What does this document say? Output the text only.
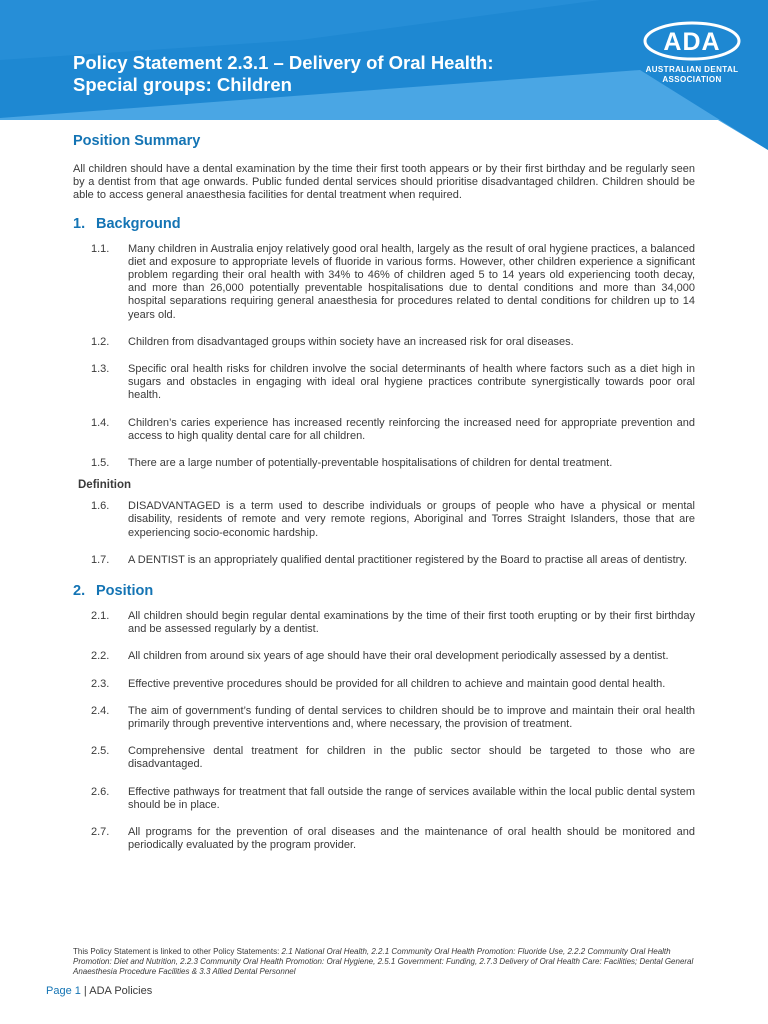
Policy Statement 2.3.1 – Delivery of Oral Health:
Special groups: Children
ADA
AUSTRALIAN DENTAL
ASSOCIATION
Position Summary

All children should have a dental examination by the time their first tooth appears or by their first birthday and be regularly seen by a dentist from that age onwards. Public funded dental services should prioritise disadvantaged children. Children should be able to access general anaesthesia facilities for dental treatment when required.

1. Background
1.1.	Many children in Australia enjoy relatively good oral health, largely as the result of oral hygiene practices, a balanced diet and exposure to appropriate levels of fluoride in various forms. However, other children experience a significant problem regarding their oral health with 34% to 46% of children aged 5 to 14 years old experiencing tooth decay, and more than 26,000 potentially preventable hospitalisations due to dental conditions and more than 34,000 hospital separations requiring general anaesthesia for procedures related to dental conditions for children up to 14 years old.
1.2.	Children from disadvantaged groups within society have an increased risk for oral diseases.
1.3.	Specific oral health risks for children involve the social determinants of health where factors such as a diet high in sugars and obstacles in engaging with ideal oral hygiene practices contribute synergistically towards poor oral health.
1.4.	Children’s caries experience has increased recently reinforcing the increased need for appropriate prevention and access to high quality dental care for all children.
1.5.	There are a large number of potentially-preventable hospitalisations of children for dental treatment.
Definition
1.6.	DISADVANTAGED is a term used to describe individuals or groups of people who have a physical or mental disability, residents of remote and very remote regions, Aboriginal and Torres Straight Islanders, those that are experiencing socio-economic hardship.
1.7.	A DENTIST is an appropriately qualified dental practitioner registered by the Board to practise all areas of dentistry.
2. Position
2.1.	All children should begin regular dental examinations by the time of their first tooth erupting or by their first birthday and be assessed regularly by a dentist.
2.2.	All children from around six years of age should have their oral development periodically assessed by a dentist.
2.3.	Effective preventive procedures should be provided for all children to achieve and maintain good dental health.
2.4.	The aim of government’s funding of dental services to children should be to improve and maintain their oral health primarily through preventive interventions and, where necessary, the provision of treatment.
2.5.	Comprehensive dental treatment for children in the public sector should be targeted to those who are disadvantaged.
2.6.	Effective pathways for treatment that fall outside the range of services available within the local public dental system should be in place.
2.7.	All programs for the prevention of oral diseases and the maintenance of oral health should be monitored and periodically evaluated by the program provider.
This Policy Statement is linked to other Policy Statements: 2.1 National Oral Health, 2.2.1 Community Oral Health Promotion: Fluoride Use, 2.2.2 Community Oral Health Promotion: Diet and Nutrition, 2.2.3 Community Oral Health Promotion: Oral Hygiene, 2.5.1 Government: Funding, 2.7.3 Delivery of Oral Health Care: Facilities; Dental General Anaesthesia Procedure Facilities & 3.3 Allied Dental Personnel
Page 1 | ADA Policies
